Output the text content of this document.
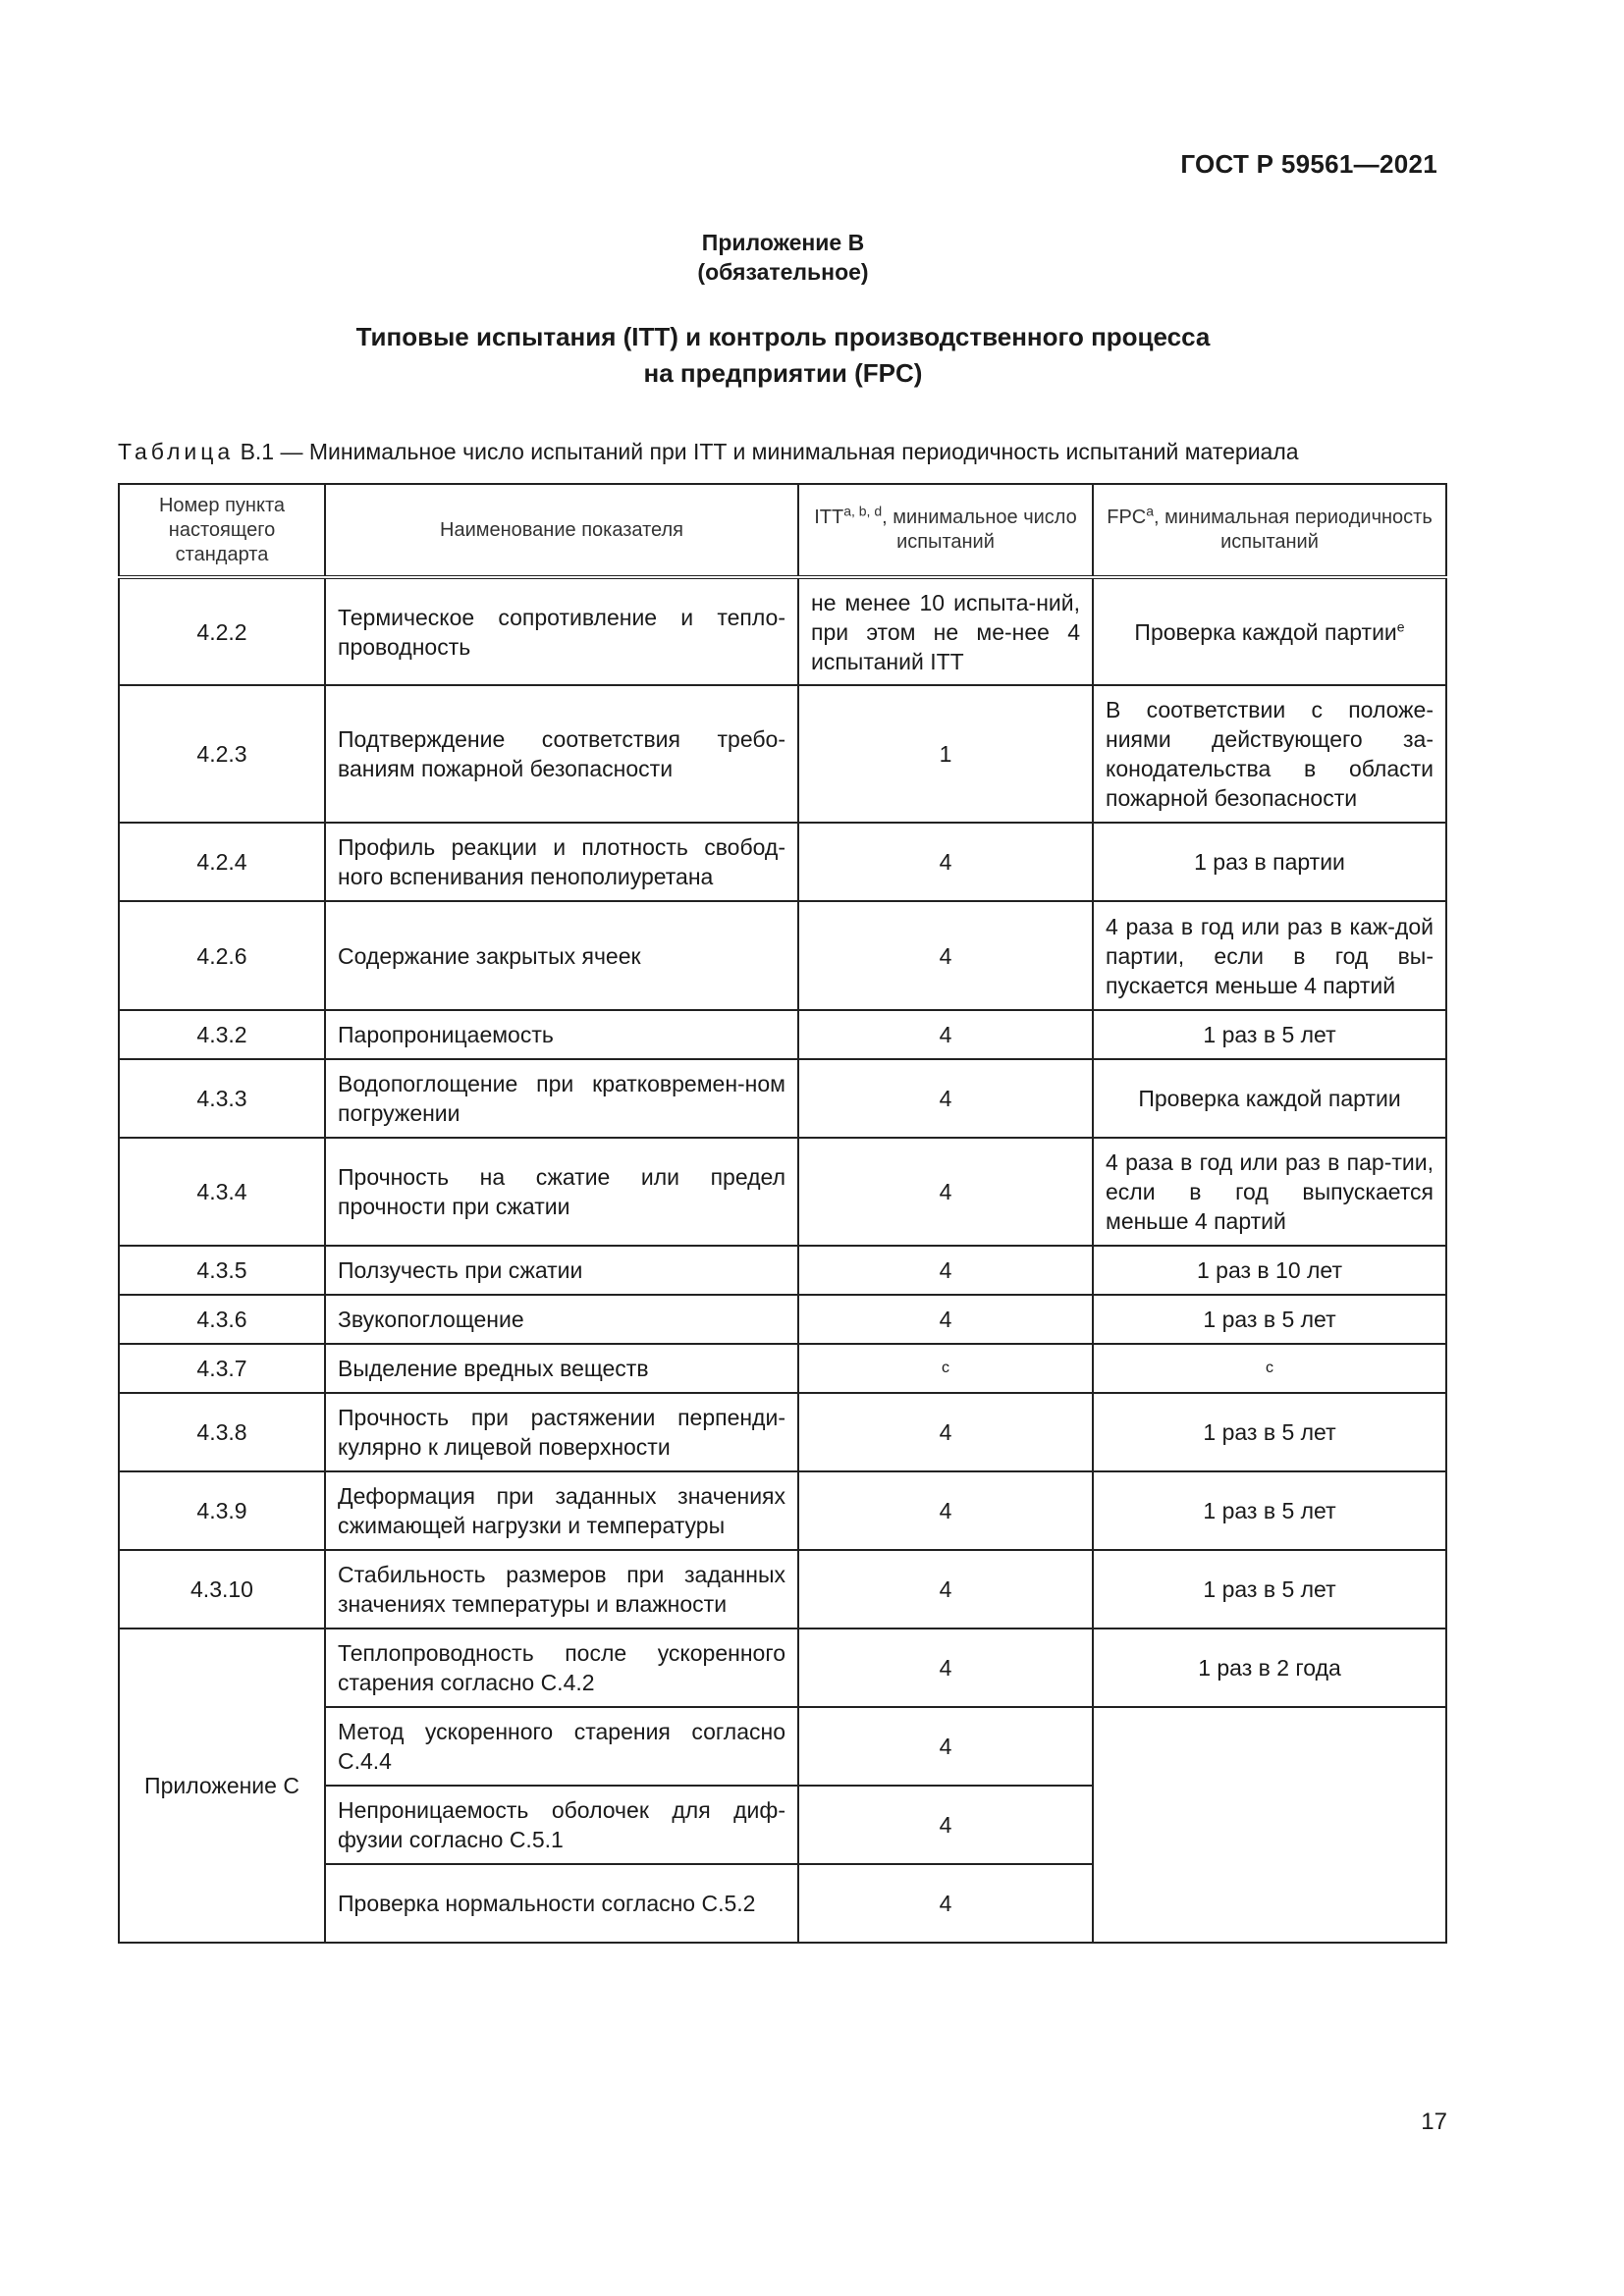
ГОСТ Р 59561—2021
Приложение В
(обязательное)
Типовые испытания (ITT) и контроль производственного процесса
на предприятии (FPC)
Таблица В.1 — Минимальное число испытаний при ITT и минимальная периодичность испытаний материала
Номер пункта настоящего стандарта	Наименование показателя	ITT$^{a, b, d}$, минимальное число испытаний	FPC$^a$, минимальная периодичность испытаний
4.2.2	Термическое сопротивление и тепло-проводность	не менее 10 испыта-ний, при этом не ме-нее 4 испытаний ITT	Проверка каждой партии$^e$
4.2.3	Подтверждение соответствия требо-ваниям пожарной безопасности	1	В соответствии с положе-ниями действующего за-конодательства в области пожарной безопасности
4.2.4	Профиль реакции и плотность свобод-ного вспенивания пенополиуретана	4	1 раз в партии
4.2.6	Содержание закрытых ячеек	4	4 раза в год или раз в каж-дой партии, если в год вы-пускается меньше 4 партий
4.3.2	Паропроницаемость	4	1 раз в 5 лет
4.3.3	Водопоглощение при кратковремен-ном погружении	4	Проверка каждой партии
4.3.4	Прочность на сжатие или предел прочности при сжатии	4	4 раза в год или раз в пар-тии, если в год выпускается меньше 4 партий
4.3.5	Ползучесть при сжатии	4	1 раз в 10 лет
4.3.6	Звукопоглощение	4	1 раз в 5 лет
4.3.7	Выделение вредных веществ	c	c
4.3.8	Прочность при растяжении перпенди-кулярно к лицевой поверхности	4	1 раз в 5 лет
4.3.9	Деформация при заданных значениях сжимающей нагрузки и температуры	4	1 раз в 5 лет
4.3.10	Стабильность размеров при заданных значениях температуры и влажности	4	1 раз в 5 лет
Приложение С	Теплопроводность после ускоренного старения согласно С.4.2	4	1 раз в 2 года
	Метод ускоренного старения согласно С.4.4	4	
	Непроницаемость оболочек для диф-фузии согласно С.5.1	4	
	Проверка нормальности согласно С.5.2	4	
17
